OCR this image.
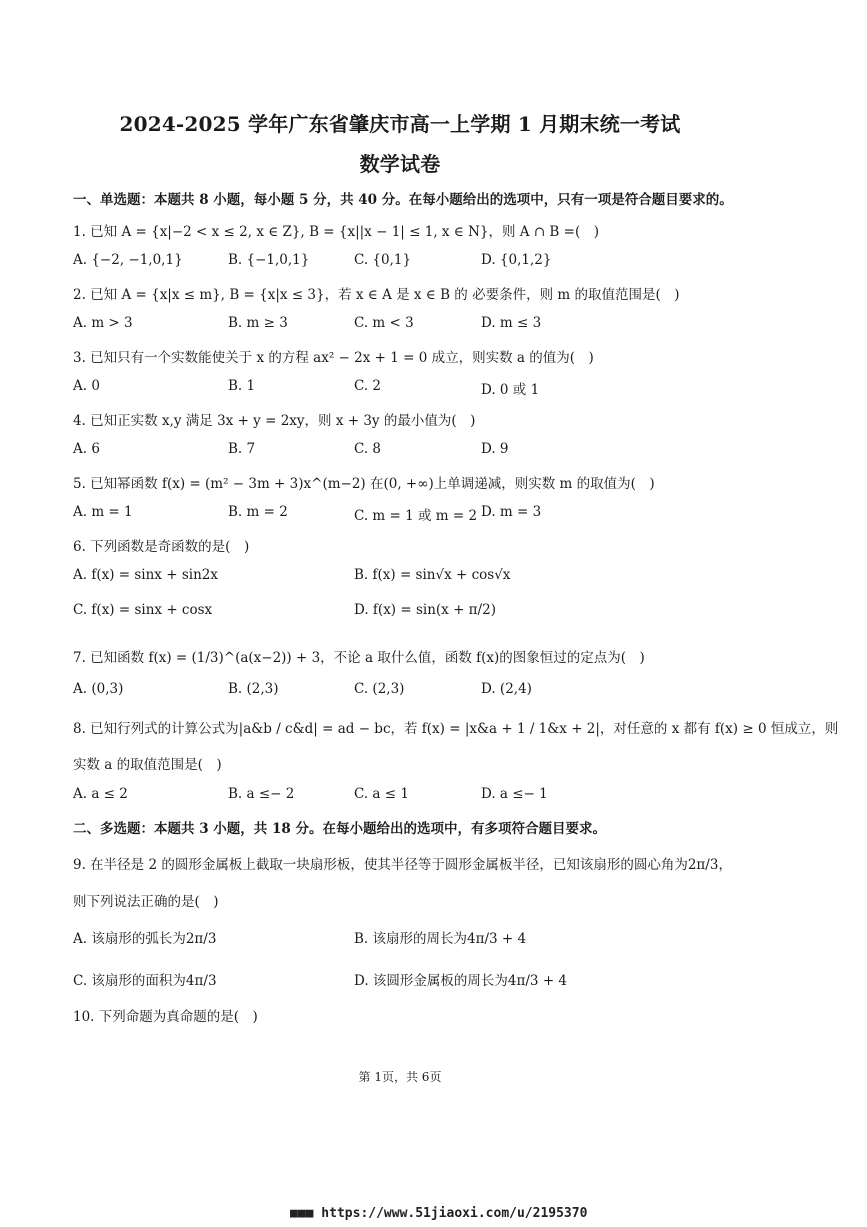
2024-2025 学年广东省肇庆市高一上学期 1 月期末统一考试
数学试卷
一、单选题：本题共 8 小题，每小题 5 分，共 40 分。在每小题给出的选项中，只有一项是符合题目要求的。
1. 已知 A = {x|−2 < x ≤ 2, x ∈ Z}, B = {x||x − 1| ≤ 1, x ∈ N}，则 A ∩ B =(　)
A. {−2, −1,0,1}	B. {−1,0,1}	C. {0,1}	D. {0,1,2}
2. 已知 A = {x|x ≤ m}, B = {x|x ≤ 3}，若 x ∈ A 是 x ∈ B 的 必要条件，则 m 的取值范围是(　)
A. m > 3	B. m ≥ 3	C. m < 3	D. m ≤ 3
3. 已知只有一个实数能使关于 x 的方程 ax² − 2x + 1 = 0 成立，则实数 a 的值为(　)
A. 0	B. 1	C. 2	D. 0 或 1
4. 已知正实数 x,y 满足 3x + y = 2xy，则 x + 3y 的最小值为(　)
A. 6	B. 7	C. 8	D. 9
5. 已知幂函数 f(x) = (m² − 3m + 3)x^(m−2) 在(0, +∞)上单调递减，则实数 m 的取值为(　)
A. m = 1	B. m = 2	C. m = 1 或 m = 2 D. m = 3
6. 下列函数是奇函数的是(　)
A. f(x) = sinx + sin2x	B. f(x) = sin√x + cos√x
C. f(x) = sinx + cosx	D. f(x) = sin(x + π/2)
7. 已知函数 f(x) = (1/3)^(a(x−2)) + 3，不论 a 取什么值，函数 f(x)的图象恒过的定点为(　)
A. (0,3)	B. (2,3)	C. (2,3)	D. (2,4)
8. 已知行列式的计算公式为|a&b / c&d| = ad − bc，若 f(x) = |x&a + 1 / 1&x + 2|，对任意的 x 都有 f(x) ≥ 0 恒成立，则
实数 a 的取值范围是(　)
A. a ≤ 2	B. a ≤− 2	C. a ≤ 1	D. a ≤− 1
二、多选题：本题共 3 小题，共 18 分。在每小题给出的选项中，有多项符合题目要求。
9. 在半径是 2 的圆形金属板上截取一块扇形板，使其半径等于圆形金属板半径，已知该扇形的圆心角为2π/3，
则下列说法正确的是(　)
A. 该扇形的弧长为2π/3	B. 该扇形的周长为4π/3 + 4
C. 该扇形的面积为4π/3	D. 该圆形金属板的周长为4π/3 + 4
10. 下列命题为真命题的是(　)
第 1页，共 6页
■■■ https://www.51jiaoxi.com/u/2195370
